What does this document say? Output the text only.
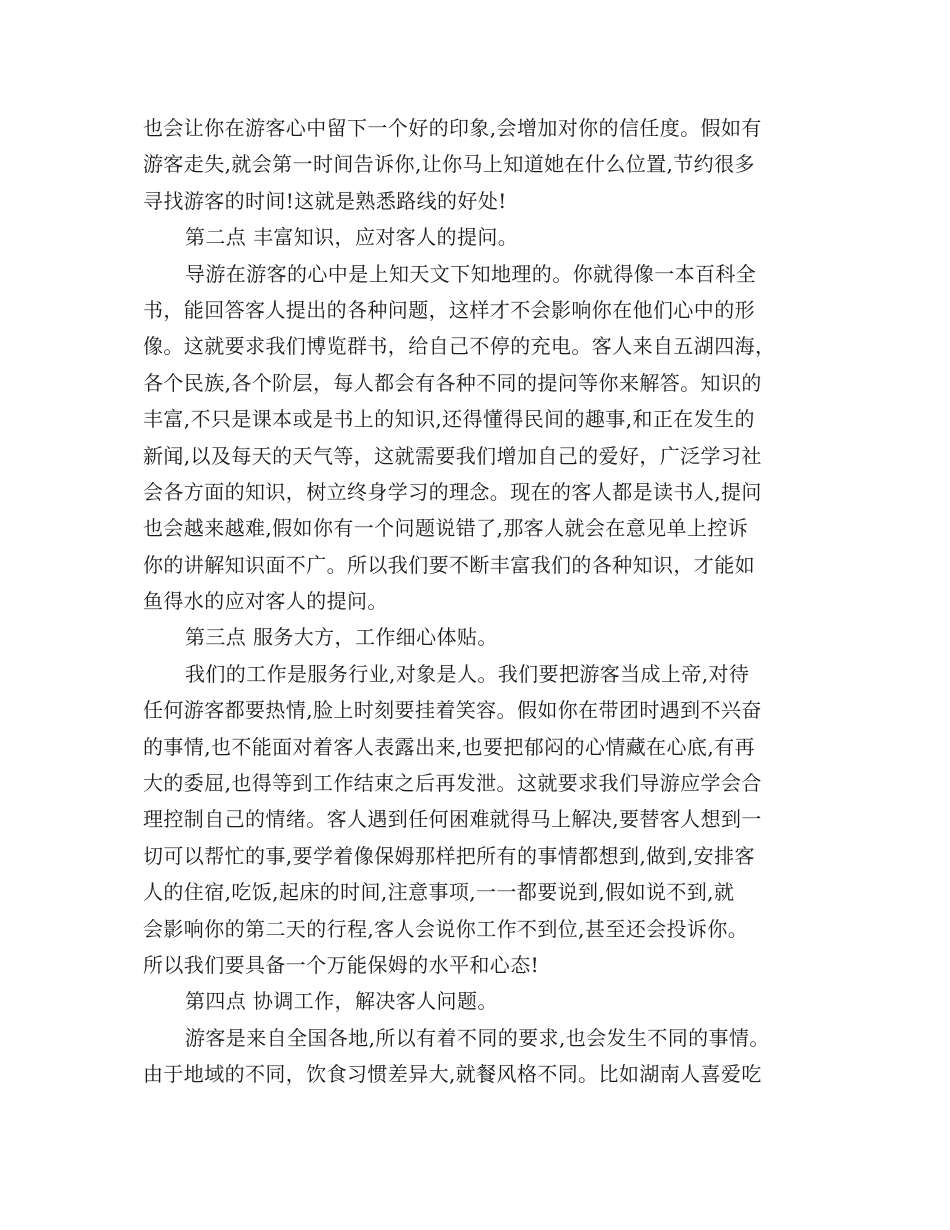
也会让你在游客心中留下一个好的印象,会增加对你的信任度。假如有
游客走失,就会第一时间告诉你,让你马上知道她在什么位置,节约很多
寻找游客的时间!这就是熟悉路线的好处!
第二点 丰富知识，应对客人的提问。
导游在游客的心中是上知天文下知地理的。你就得像一本百科全
书，能回答客人提出的各种问题，这样才不会影响你在他们心中的形
像。这就要求我们博览群书，给自己不停的充电。客人来自五湖四海，
各个民族,各个阶层，每人都会有各种不同的提问等你来解答。知识的
丰富,不只是课本或是书上的知识,还得懂得民间的趣事,和正在发生的
新闻,以及每天的天气等，这就需要我们增加自己的爱好，广泛学习社
会各方面的知识，树立终身学习的理念。现在的客人都是读书人,提问
也会越来越难,假如你有一个问题说错了,那客人就会在意见单上控诉
你的讲解知识面不广。所以我们要不断丰富我们的各种知识，才能如
鱼得水的应对客人的提问。
第三点 服务大方，工作细心体贴。
我们的工作是服务行业,对象是人。我们要把游客当成上帝,对待
任何游客都要热情,脸上时刻要挂着笑容。假如你在带团时遇到不兴奋
的事情,也不能面对着客人表露出来,也要把郁闷的心情藏在心底,有再
大的委屈,也得等到工作结束之后再发泄。这就要求我们导游应学会合
理控制自己的情绪。客人遇到任何困难就得马上解决,要替客人想到一
切可以帮忙的事,要学着像保姆那样把所有的事情都想到,做到,安排客
人的住宿,吃饭,起床的时间,注意事项,一一都要说到,假如说不到,就
会影响你的第二天的行程,客人会说你工作不到位,甚至还会投诉你。
所以我们要具备一个万能保姆的水平和心态!
第四点 协调工作，解决客人问题。
游客是来自全国各地,所以有着不同的要求,也会发生不同的事情。
由于地域的不同，饮食习惯差异大,就餐风格不同。比如湖南人喜爱吃
